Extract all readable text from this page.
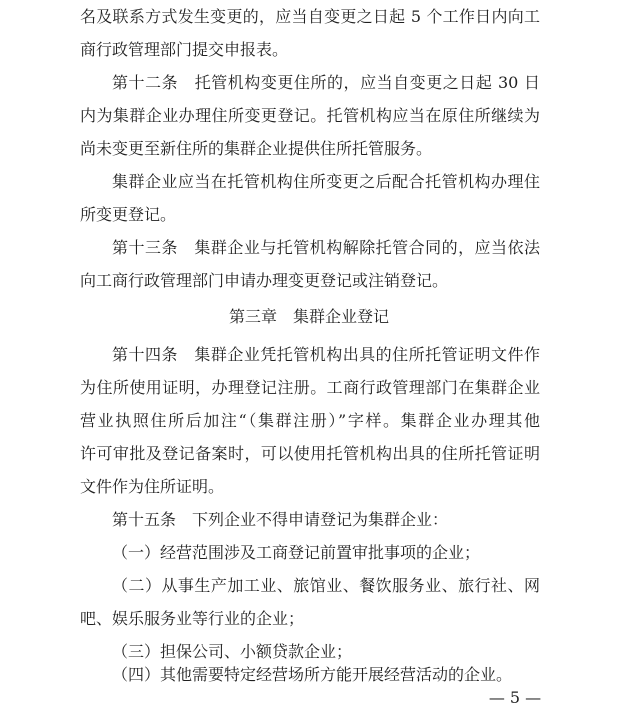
名及联系方式发生变更的，应当自变更之日起 5 个工作日内向工
商行政管理部门提交申报表。
第十二条　托管机构变更住所的，应当自变更之日起 30 日
内为集群企业办理住所变更登记。托管机构应当在原住所继续为
尚未变更至新住所的集群企业提供住所托管服务。
集群企业应当在托管机构住所变更之后配合托管机构办理住
所变更登记。
第十三条　集群企业与托管机构解除托管合同的，应当依法
向工商行政管理部门申请办理变更登记或注销登记。
第三章　集群企业登记
第十四条　集群企业凭托管机构出具的住所托管证明文件作
为住所使用证明，办理登记注册。工商行政管理部门在集群企业
营业执照住所后加注“（集群注册）”字样。集群企业办理其他
许可审批及登记备案时，可以使用托管机构出具的住所托管证明
文件作为住所证明。
第十五条　下列企业不得申请登记为集群企业：
（一）经营范围涉及工商登记前置审批事项的企业；
（二）从事生产加工业、旅馆业、餐饮服务业、旅行社、网
吧、娱乐服务业等行业的企业；
（三）担保公司、小额贷款企业；
（四）其他需要特定经营场所方能开展经营活动的企业。
— 5 —
